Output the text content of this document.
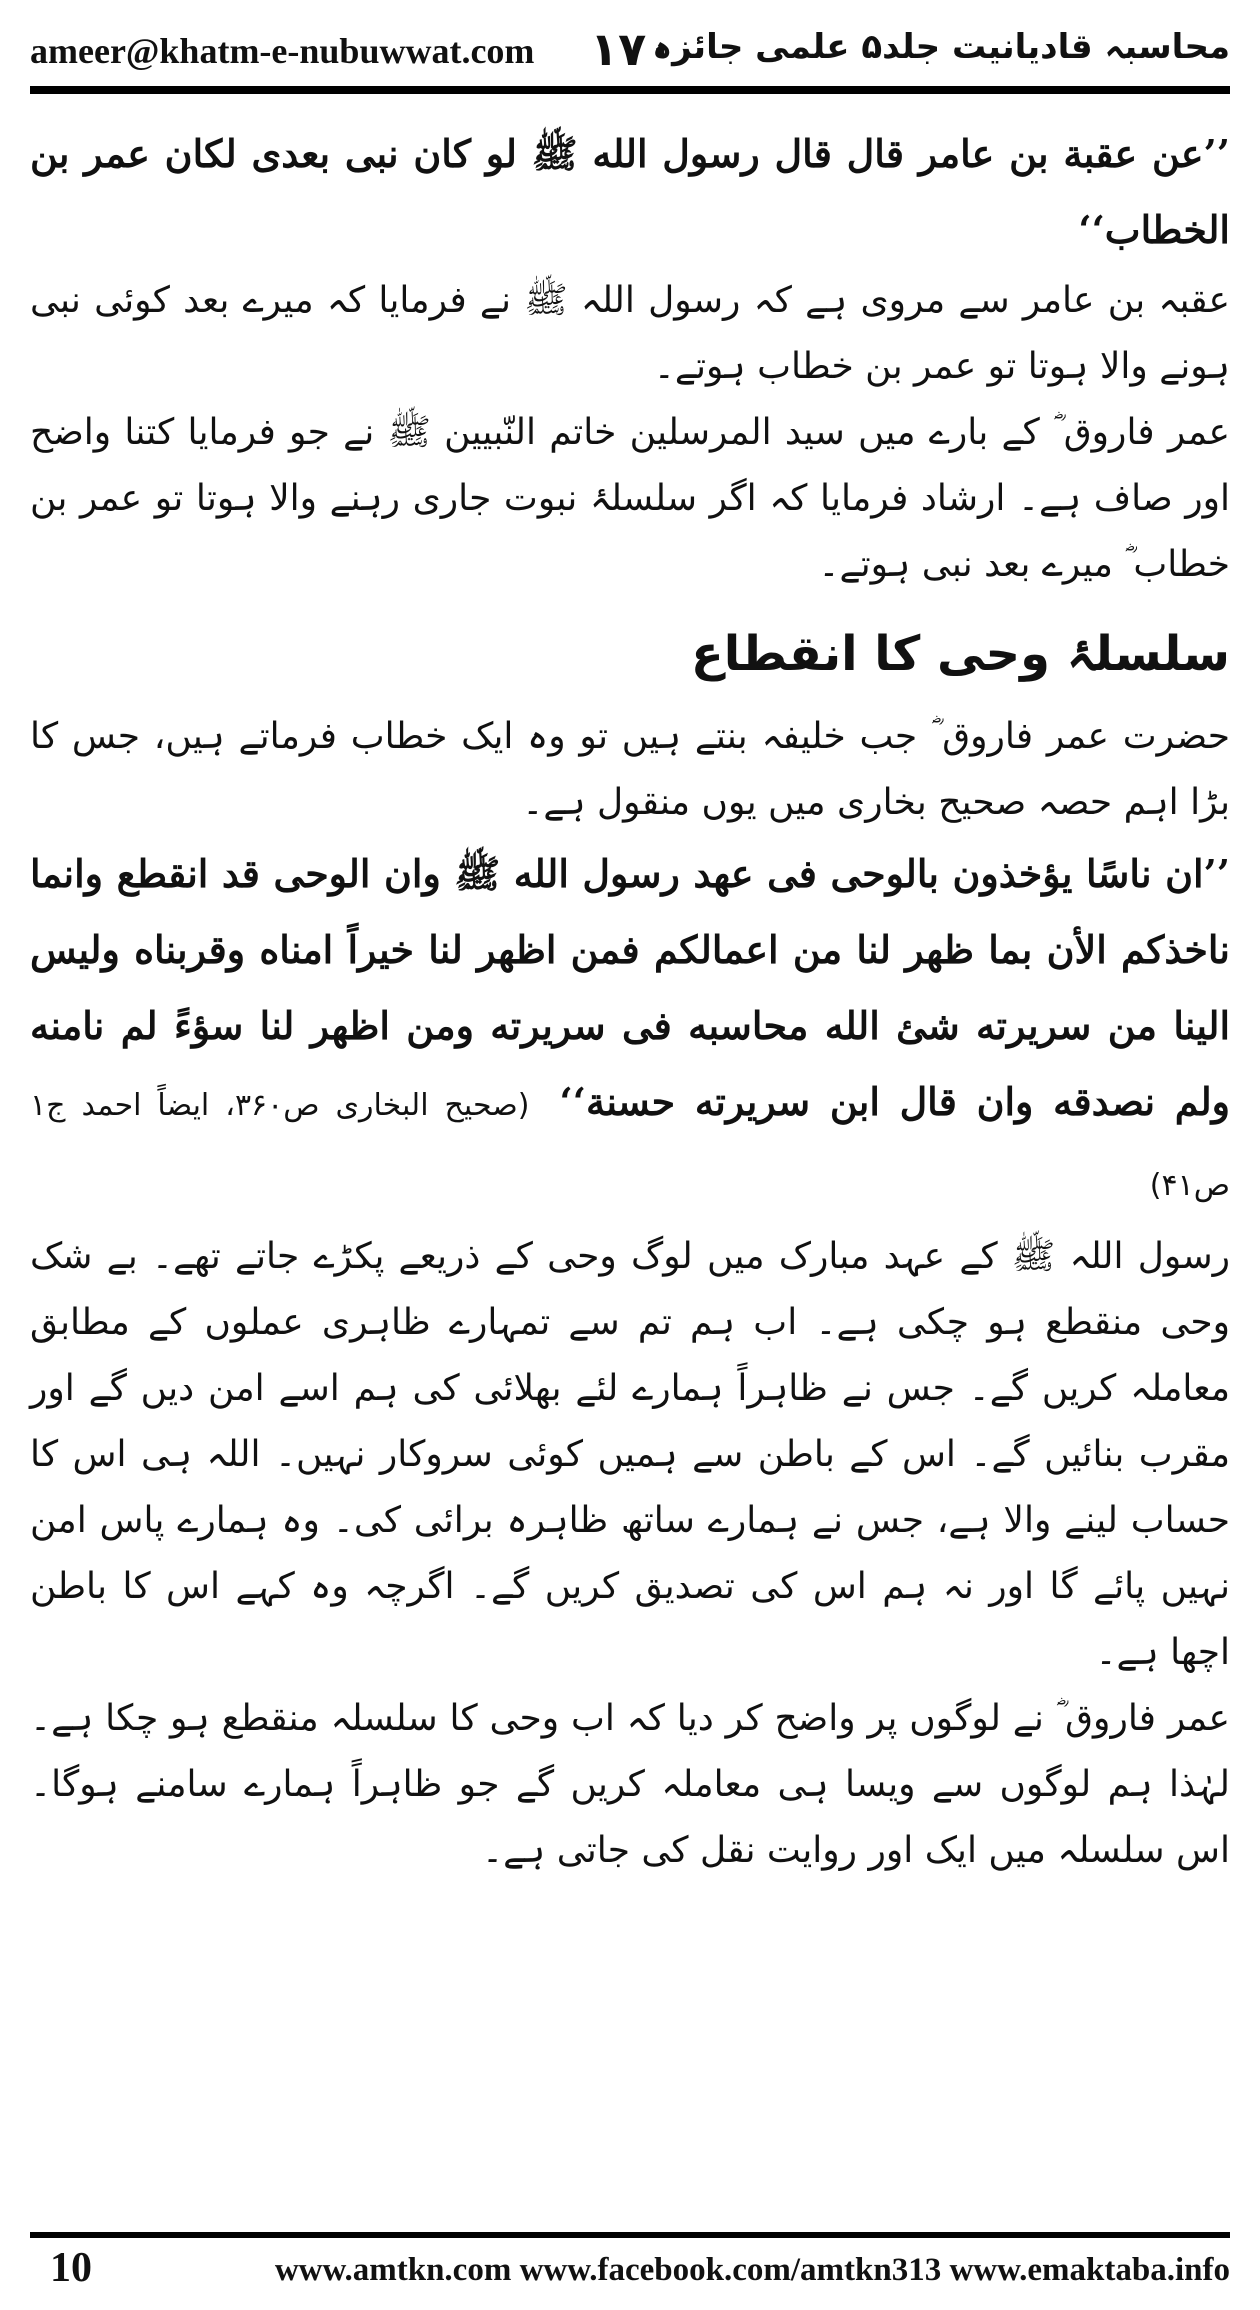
ameer@khatm-e-nubuwwat.com ۱۷۰
محاسبہ قادیانیت جلد۵ علمی جائزہ

’’عن عقبة بن عامر قال قال رسول الله ﷺ لو کان نبی بعدی لکان عمر بن الخطاب‘‘

عقبہ بن عامر سے مروی ہے کہ رسول اللہ ﷺ نے فرمایا کہ میرے بعد کوئی نبی ہونے والا ہوتا تو عمر بن خطاب ہوتے۔

عمر فاروق ؓ کے بارے میں سید المرسلین خاتم النّبیین ﷺ نے جو فرمایا کتنا واضح اور صاف ہے۔ ارشاد فرمایا کہ اگر سلسلۂ نبوت جاری رہنے والا ہوتا تو عمر بن خطاب ؓ میرے بعد نبی ہوتے۔

سلسلۂ وحی کا انقطاع

حضرت عمر فاروق ؓ جب خلیفہ بنتے ہیں تو وہ ایک خطاب فرماتے ہیں، جس کا بڑا اہم حصہ صحیح بخاری میں یوں منقول ہے۔

’’ان ناسًا یؤخذون بالوحی فی عهد رسول الله ﷺ وان الوحی قد انقطع وانما ناخذکم الأن بما ظهر لنا من اعمالکم فمن اظهر لنا خیراً امناه وقربناه ولیس الینا من سریرته شئ الله محاسبه فی سریرته ومن اظهر لنا سؤءً لم نامنه ولم نصدقه وان قال ابن سریرته حسنة‘‘(صحیح البخاری ص۳۶۰، ایضاً احمد ج۱ ص۴۱)

رسول اللہ ﷺ کے عہد مبارک میں لوگ وحی کے ذریعے پکڑے جاتے تھے۔ بے شک وحی منقطع ہو چکی ہے۔ اب ہم تم سے تمہارے ظاہری عملوں کے مطابق معاملہ کریں گے۔ جس نے ظاہراً ہمارے لئے بھلائی کی ہم اسے امن دیں گے اور مقرب بنائیں گے۔ اس کے باطن سے ہمیں کوئی سروکار نہیں۔ اللہ ہی اس کا حساب لینے والا ہے، جس نے ہمارے ساتھ ظاہرہ برائی کی۔ وہ ہمارے پاس امن نہیں پائے گا اور نہ ہم اس کی تصدیق کریں گے۔ اگرچہ وہ کہے اس کا باطن اچھا ہے۔

عمر فاروق ؓ نے لوگوں پر واضح کر دیا کہ اب وحی کا سلسلہ منقطع ہو چکا ہے۔ لہٰذا ہم لوگوں سے ویسا ہی معاملہ کریں گے جو ظاہراً ہمارے سامنے ہوگا۔ اس سلسلہ میں ایک اور روایت نقل کی جاتی ہے۔

10	www.amtkn.com www.facebook.com/amtkn313 www.emaktaba.info
